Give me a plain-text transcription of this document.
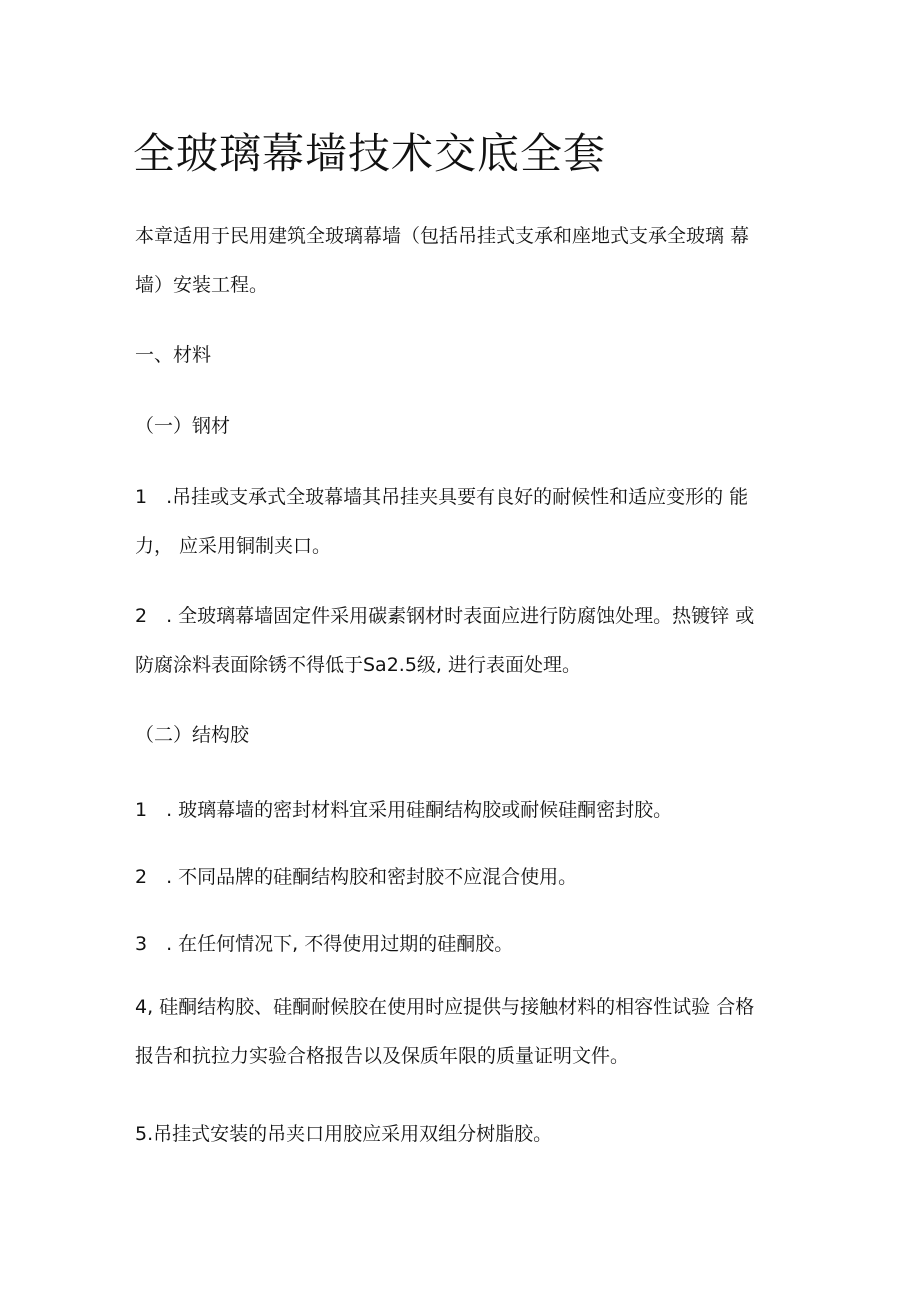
全玻璃幕墙技术交底全套

本章适用于民用建筑全玻璃幕墙（包括吊挂式支承和座地式支承全玻璃 幕

墙）安装工程。

一、材料

（一）钢材

1　.吊挂或支承式全玻幕墙其吊挂夹具要有良好的耐候性和适应变形的 能

力， 应采用铜制夹口。

2　. 全玻璃幕墙固定件采用碳素钢材时表面应进行防腐蚀处理。热镀锌 或

防腐涂料表面除锈不得低于Sa2.5级, 进行表面处理。

（二）结构胶

1　. 玻璃幕墙的密封材料宜采用硅酮结构胶或耐候硅酮密封胶。

2　. 不同品牌的硅酮结构胶和密封胶不应混合使用。

3　. 在任何情况下, 不得使用过期的硅酮胶。

4, 硅酮结构胶、硅酮耐候胶在使用时应提供与接触材料的相容性试验 合格

报告和抗拉力实验合格报告以及保质年限的质量证明文件。

5.吊挂式安装的吊夹口用胶应采用双组分树脂胶。
